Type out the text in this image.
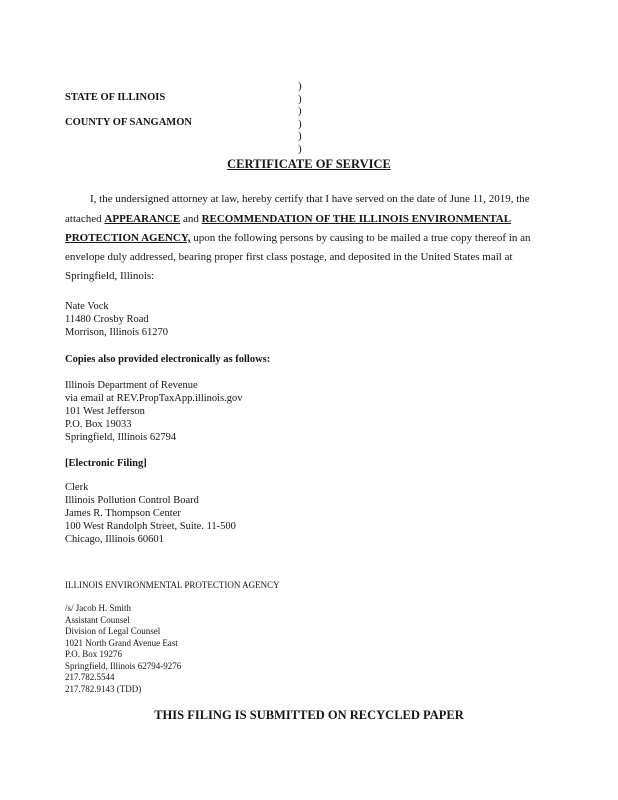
STATE OF ILLINOIS
COUNTY OF SANGAMON
)
)
)
)
)
)
CERTIFICATE OF SERVICE
I, the undersigned attorney at law, hereby certify that I have served on the date of June 11, 2019, the
attached APPEARANCE and RECOMMENDATION OF THE ILLINOIS ENVIRONMENTAL
PROTECTION AGENCY, upon the following persons by causing to be mailed a true copy thereof in an
envelope duly addressed, bearing proper first class postage, and deposited in the United States mail at
Springfield, Illinois:
Nate Vock
11480 Crosby Road
Morrison, Illinois 61270
Copies also provided electronically as follows:
Illinois Department of Revenue
via email at REV.PropTaxApp.illinois.gov
101 West Jefferson
P.O. Box 19033
Springfield, Illinois 62794
[Electronic Filing]
Clerk
Illinois Pollution Control Board
James R. Thompson Center
100 West Randolph Street, Suite. 11-500
Chicago, Illinois 60601
ILLINOIS ENVIRONMENTAL PROTECTION AGENCY
/s/ Jacob H. Smith
Assistant Counsel
Division of Legal Counsel
1021 North Grand Avenue East
P.O. Box 19276
Springfield, Illinois 62794-9276
217.782.5544
217.782.9143 (TDD)
THIS FILING IS SUBMITTED ON RECYCLED PAPER
